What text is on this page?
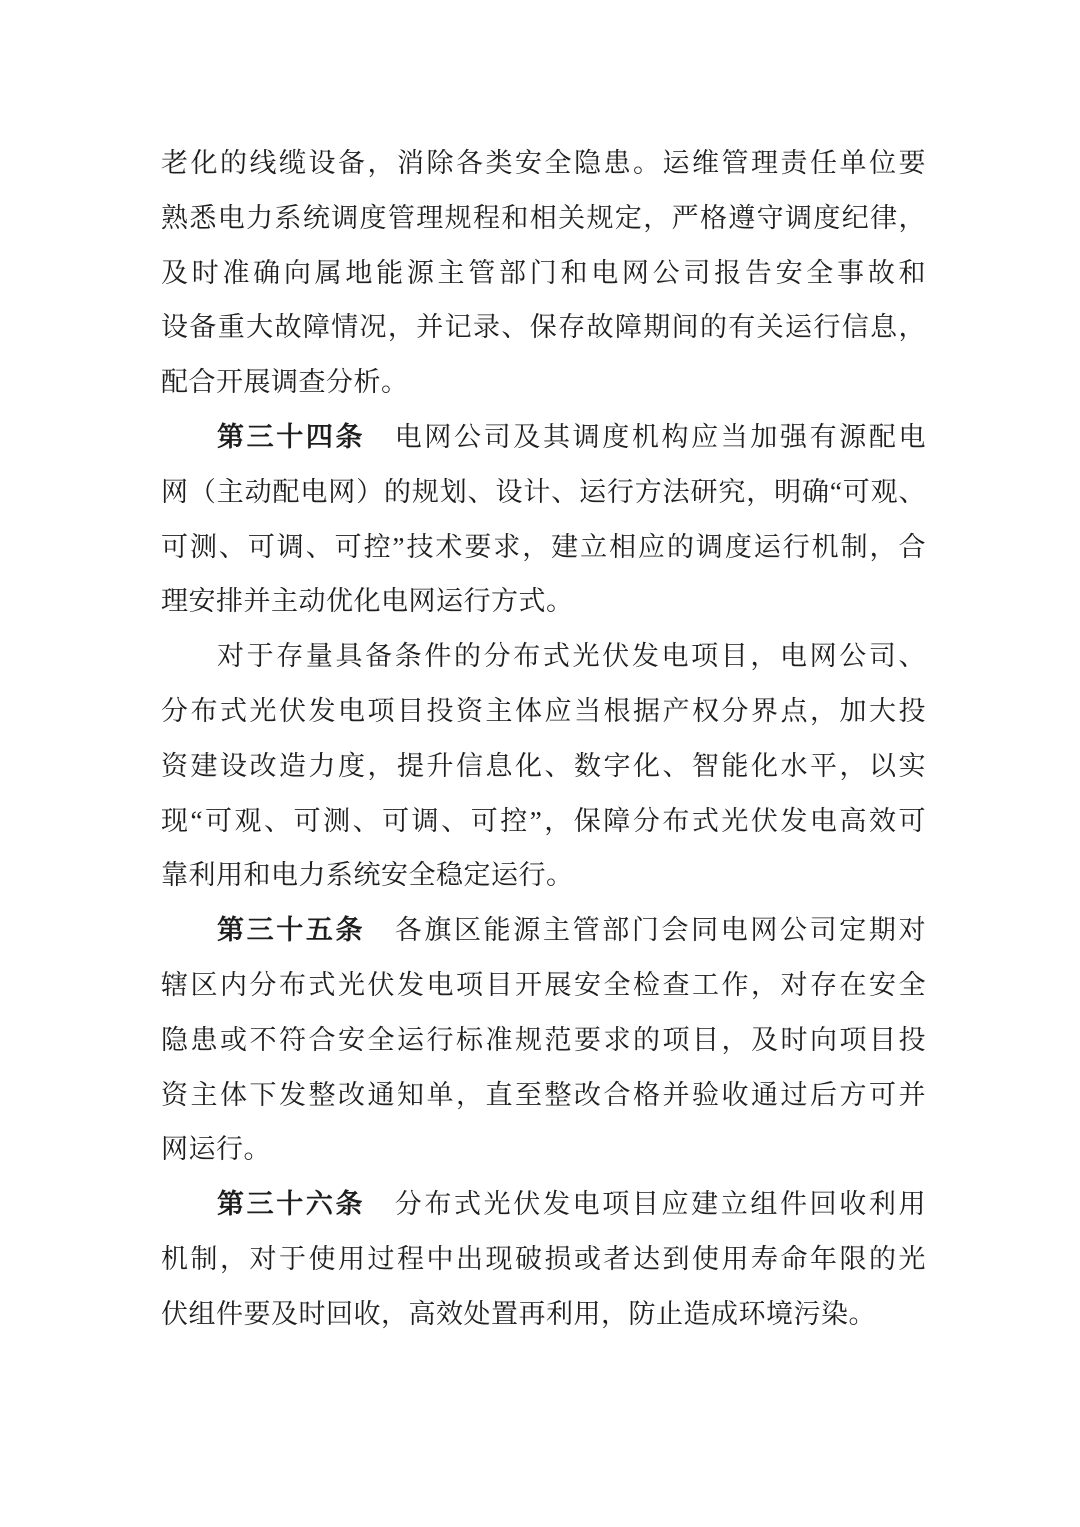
老化的线缆设备，消除各类安全隐患。运维管理责任单位要
熟悉电力系统调度管理规程和相关规定，严格遵守调度纪律，
及时准确向属地能源主管部门和电网公司报告安全事故和
设备重大故障情况，并记录、保存故障期间的有关运行信息，
配合开展调查分析。
第三十四条　电网公司及其调度机构应当加强有源配电
网（主动配电网）的规划、设计、运行方法研究，明确“可观、
可测、可调、可控”技术要求，建立相应的调度运行机制，合
理安排并主动优化电网运行方式。
对于存量具备条件的分布式光伏发电项目，电网公司、
分布式光伏发电项目投资主体应当根据产权分界点，加大投
资建设改造力度，提升信息化、数字化、智能化水平，以实
现“可观、可测、可调、可控”，保障分布式光伏发电高效可
靠利用和电力系统安全稳定运行。
第三十五条　各旗区能源主管部门会同电网公司定期对
辖区内分布式光伏发电项目开展安全检查工作，对存在安全
隐患或不符合安全运行标准规范要求的项目，及时向项目投
资主体下发整改通知单，直至整改合格并验收通过后方可并
网运行。
第三十六条　分布式光伏发电项目应建立组件回收利用
机制，对于使用过程中出现破损或者达到使用寿命年限的光
伏组件要及时回收，高效处置再利用，防止造成环境污染。
